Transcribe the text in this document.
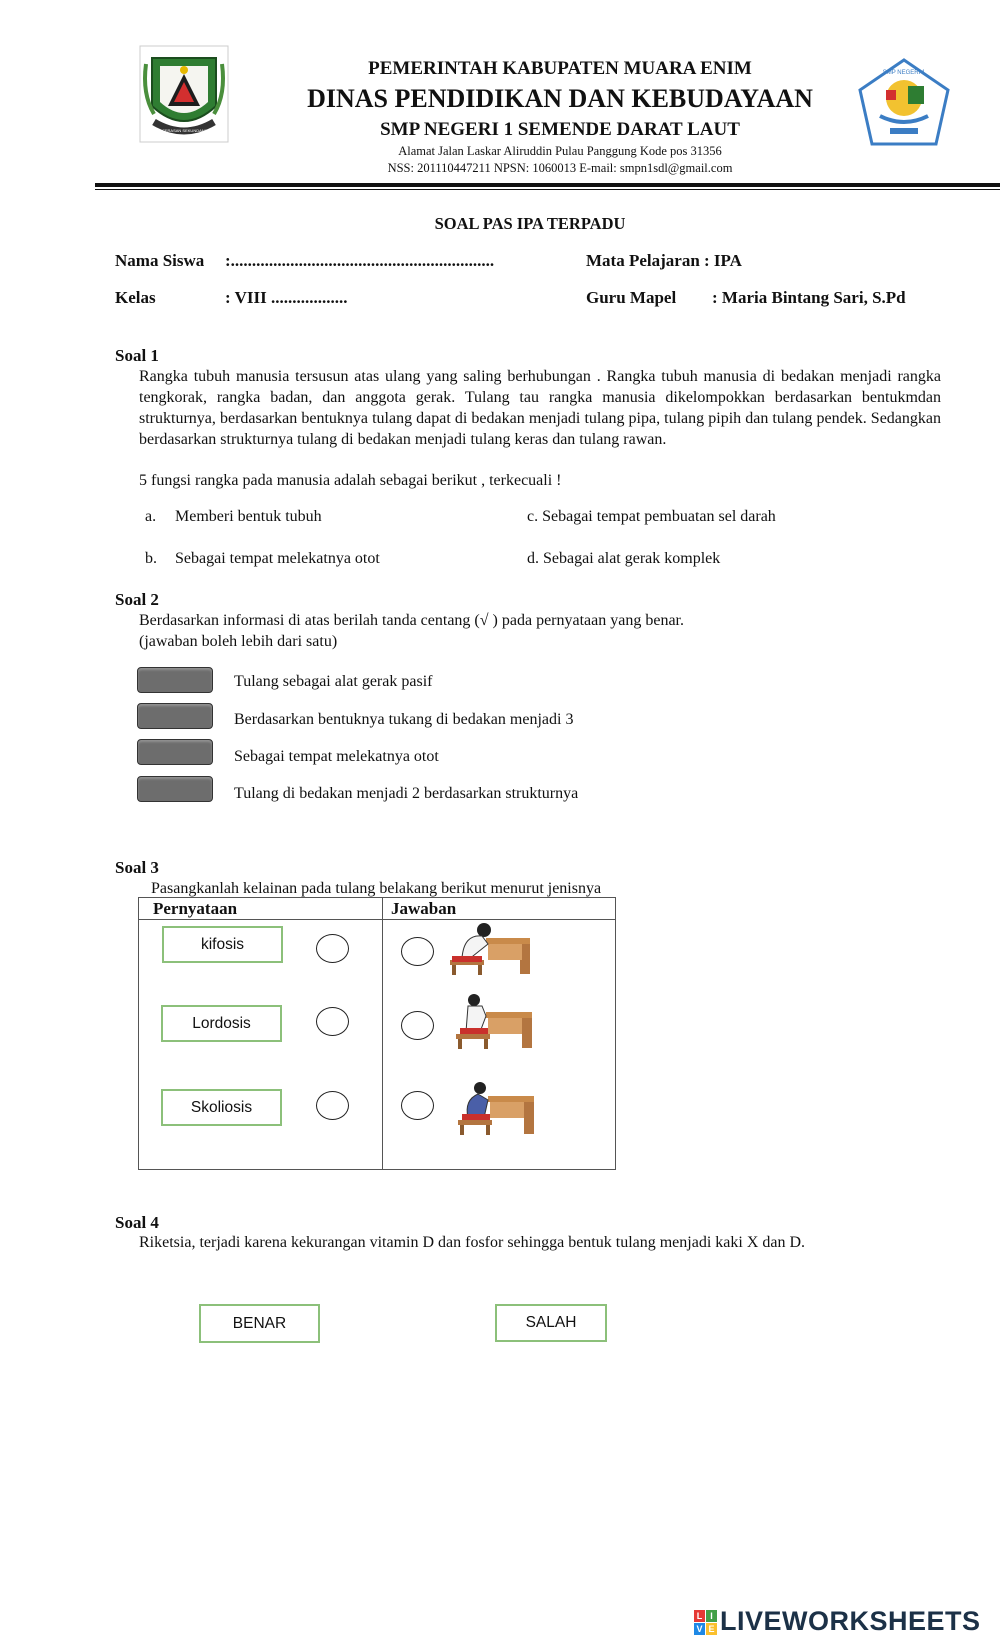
SERASAN SEKUNDANG
SMP NEGERI 1
PEMERINTAH KABUPATEN MUARA ENIM
DINAS PENDIDIKAN DAN KEBUDAYAAN
SMP NEGERI 1 SEMENDE DARAT LAUT
Alamat Jalan Laskar Aliruddin Pulau Panggung Kode pos 31356
NSS: 201110447211 NPSN: 1060013 E-mail: smpn1sdl@gmail.com
SOAL PAS IPA TERPADU
Nama Siswa :..............................................................	Mata Pelajaran : IPA
Kelas	: VIII ..................	Guru Mapel : Maria Bintang Sari, S.Pd
Soal 1
Rangka tubuh manusia tersusun atas ulang yang saling berhubungan . Rangka tubuh manusia di bedakan menjadi rangka tengkorak, rangka badan, dan anggota gerak. Tulang tau rangka manusia dikelompokkan berdasarkan bentukmdan strukturnya, berdasarkan bentuknya tulang dapat di bedakan menjadi tulang pipa, tulang pipih dan tulang pendek. Sedangkan berdasarkan strukturnya tulang di bedakan menjadi tulang keras dan tulang rawan.
5 fungsi rangka pada manusia adalah sebagai berikut , terkecuali !
a. Memberi bentuk tubuh	c. Sebagai tempat pembuatan sel darah
b. Sebagai tempat melekatnya otot	d. Sebagai alat gerak komplek
Soal 2
Berdasarkan informasi di atas berilah tanda centang (√ ) pada pernyataan yang benar.
(jawaban boleh lebih dari satu)
Tulang sebagai alat gerak pasif
Berdasarkan bentuknya tukang di bedakan menjadi 3
Sebagai tempat melekatnya otot
Tulang di bedakan menjadi 2 berdasarkan strukturnya
Soal 3
Pasangkanlah kelainan pada tulang belakang berikut menurut jenisnya
Pernyataan	Jawaban
kifosis
Lordosis
Skoliosis
Soal 4
Riketsia, terjadi karena kekurangan vitamin D dan fosfor sehingga bentuk tulang menjadi kaki X dan D.
BENAR	SALAH
L I
V E LIVEWORKSHEETS
